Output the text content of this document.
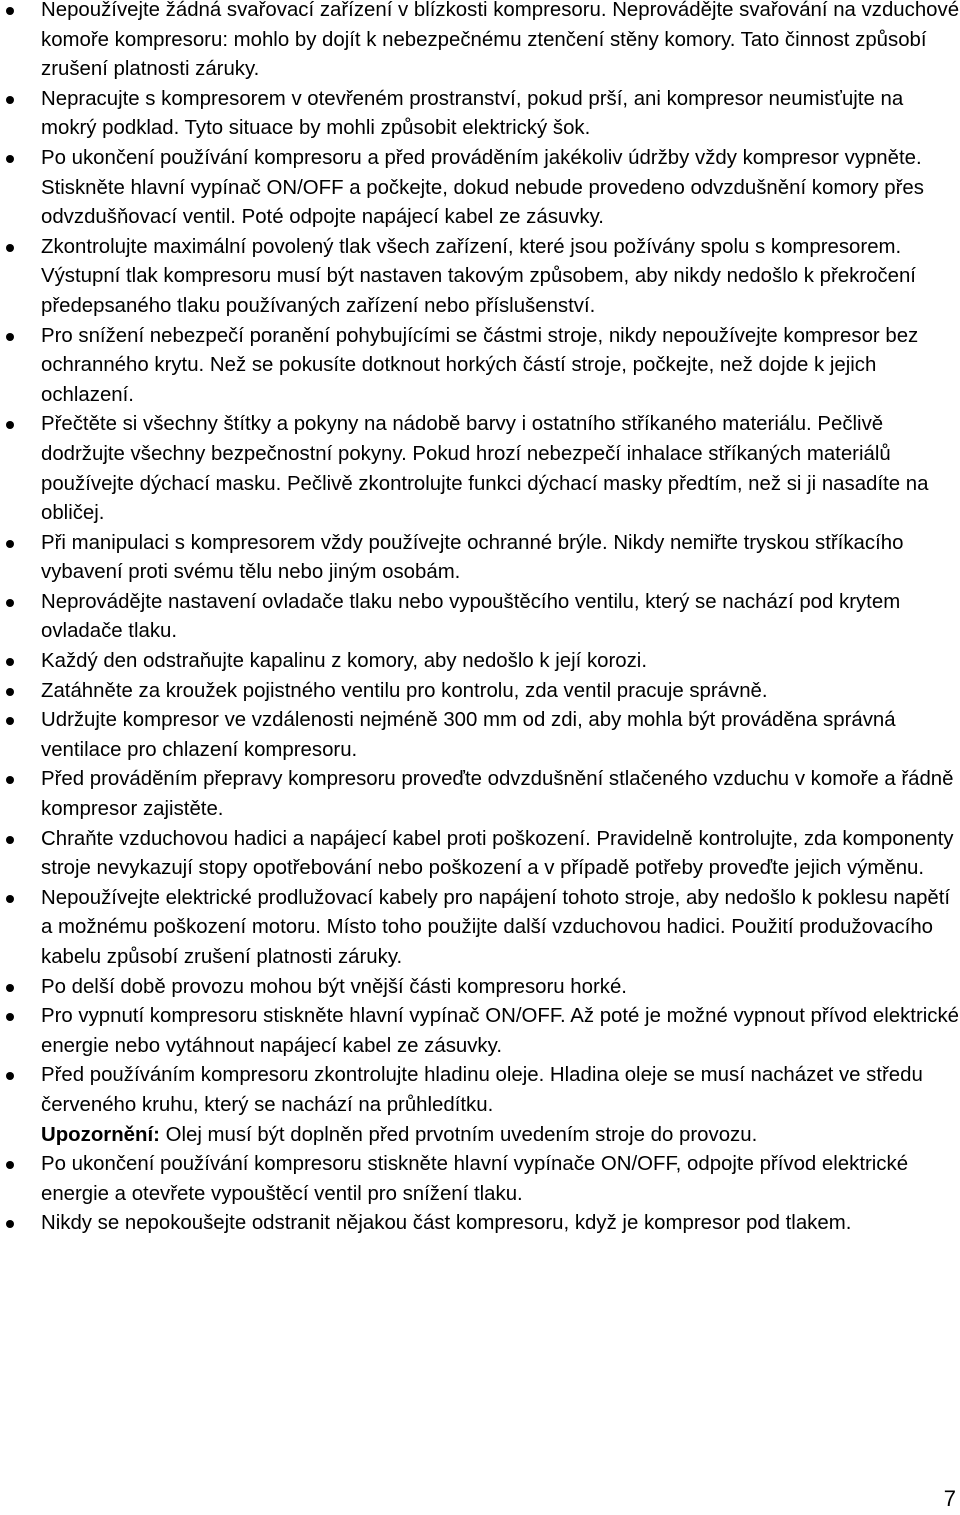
Nepoužívejte žádná svařovací zařízení v blízkosti kompresoru. Neprovádějte svařování na vzduchové komoře kompresoru: mohlo by dojít k nebezpečnému ztenčení stěny komory. Tato činnost způsobí zrušení platnosti záruky.
Nepracujte s kompresorem v otevřeném prostranství, pokud prší, ani kompresor neumisťujte na mokrý podklad. Tyto situace by mohli způsobit elektrický šok.
Po ukončení používání kompresoru a před prováděním jakékoliv údržby vždy kompresor vypněte. Stiskněte hlavní vypínač ON/OFF a počkejte, dokud nebude provedeno odvzdušnění komory přes odvzdušňovací ventil. Poté odpojte napájecí kabel ze zásuvky.
Zkontrolujte maximální povolený tlak všech zařízení, které jsou požívány spolu s kompresorem. Výstupní tlak kompresoru musí být nastaven takovým způsobem, aby nikdy nedošlo k překročení předepsaného tlaku používaných zařízení nebo příslušenství.
Pro snížení nebezpečí poranění pohybujícími se částmi stroje, nikdy nepoužívejte kompresor bez ochranného krytu. Než se pokusíte dotknout horkých částí stroje, počkejte, než dojde k jejich ochlazení.
Přečtěte si všechny štítky a pokyny na nádobě barvy i ostatního stříkaného materiálu. Pečlivě dodržujte všechny bezpečnostní pokyny. Pokud hrozí nebezpečí inhalace stříkaných materiálů používejte dýchací masku. Pečlivě zkontrolujte funkci dýchací masky předtím, než si ji nasadíte na obličej.
Při manipulaci s kompresorem vždy používejte ochranné brýle. Nikdy nemiřte tryskou stříkacího vybavení proti svému tělu nebo jiným osobám.
Neprovádějte nastavení ovladače tlaku nebo vypouštěcího ventilu, který se nachází pod krytem ovladače tlaku.
Každý den odstraňujte kapalinu z komory, aby nedošlo k její korozi.
Zatáhněte za kroužek pojistného ventilu pro kontrolu, zda ventil pracuje správně.
Udržujte kompresor ve vzdálenosti nejméně 300 mm od zdi, aby mohla být prováděna správná ventilace pro chlazení kompresoru.
Před prováděním přepravy kompresoru proveďte odvzdušnění stlačeného vzduchu v komoře a řádně kompresor zajistěte.
Chraňte vzduchovou hadici a napájecí kabel proti poškození. Pravidelně kontrolujte, zda komponenty stroje nevykazují stopy opotřebování nebo poškození a v případě potřeby proveďte jejich výměnu.
Nepoužívejte elektrické prodlužovací kabely pro napájení tohoto stroje, aby nedošlo k poklesu napětí a možnému poškození motoru. Místo toho použijte další vzduchovou hadici. Použití produžovacího kabelu způsobí zrušení platnosti záruky.
Po delší době provozu mohou být vnější části kompresoru horké.
Pro vypnutí kompresoru stiskněte hlavní vypínač ON/OFF. Až poté je možné vypnout přívod elektrické energie nebo vytáhnout napájecí kabel ze zásuvky.
Před používáním kompresoru zkontrolujte hladinu oleje. Hladina oleje se musí nacházet ve středu červeného kruhu, který se nachází na průhledítku.
Upozornění: Olej musí být doplněn před prvotním uvedením stroje do provozu.
Po ukončení používání kompresoru stiskněte hlavní vypínače ON/OFF, odpojte přívod elektrické energie a otevřete vypouštěcí ventil pro snížení tlaku.
Nikdy se nepokoušejte odstranit nějakou část kompresoru, když je kompresor pod tlakem.
7
